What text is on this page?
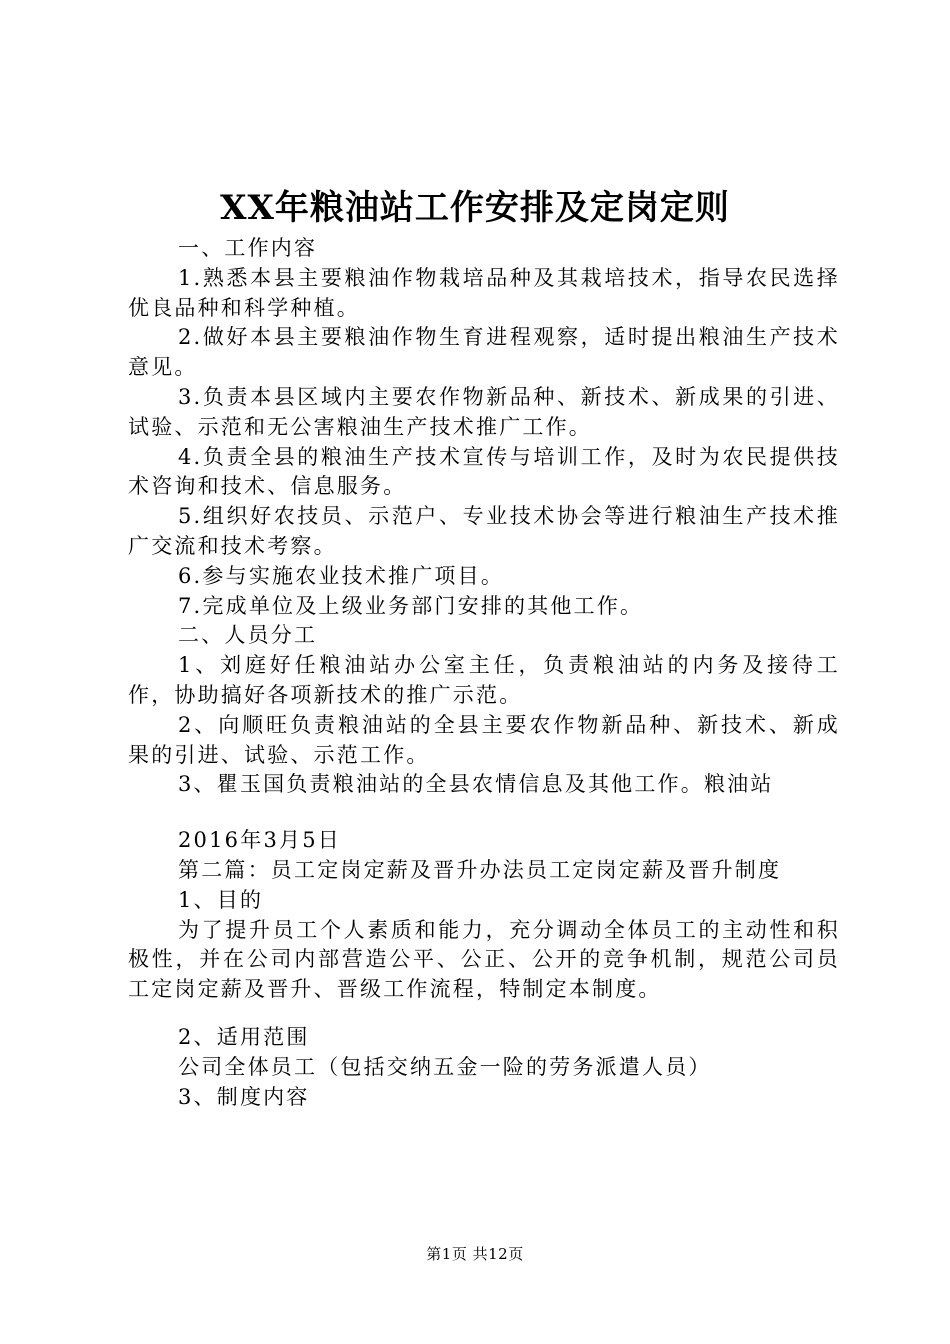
XX年粮油站工作安排及定岗定则

一、工作内容

1.熟悉本县主要粮油作物栽培品种及其栽培技术，指导农民选择优良品种和科学种植。

2.做好本县主要粮油作物生育进程观察，适时提出粮油生产技术意见。

3.负责本县区域内主要农作物新品种、新技术、新成果的引进、试验、示范和无公害粮油生产技术推广工作。

4.负责全县的粮油生产技术宣传与培训工作，及时为农民提供技术咨询和技术、信息服务。

5.组织好农技员、示范户、专业技术协会等进行粮油生产技术推广交流和技术考察。

6.参与实施农业技术推广项目。

7.完成单位及上级业务部门安排的其他工作。

二、人员分工

1、刘庭好任粮油站办公室主任，负责粮油站的内务及接待工作，协助搞好各项新技术的推广示范。

2、向顺旺负责粮油站的全县主要农作物新品种、新技术、新成果的引进、试验、示范工作。

3、瞿玉国负责粮油站的全县农情信息及其他工作。粮油站

2016年3月5日

第二篇：员工定岗定薪及晋升办法员工定岗定薪及晋升制度

1、目的

为了提升员工个人素质和能力，充分调动全体员工的主动性和积极性，并在公司内部营造公平、公正、公开的竞争机制，规范公司员工定岗定薪及晋升、晋级工作流程，特制定本制度。

2、适用范围

公司全体员工（包括交纳五金一险的劳务派遣人员）

3、制度内容

第1页 共12页
